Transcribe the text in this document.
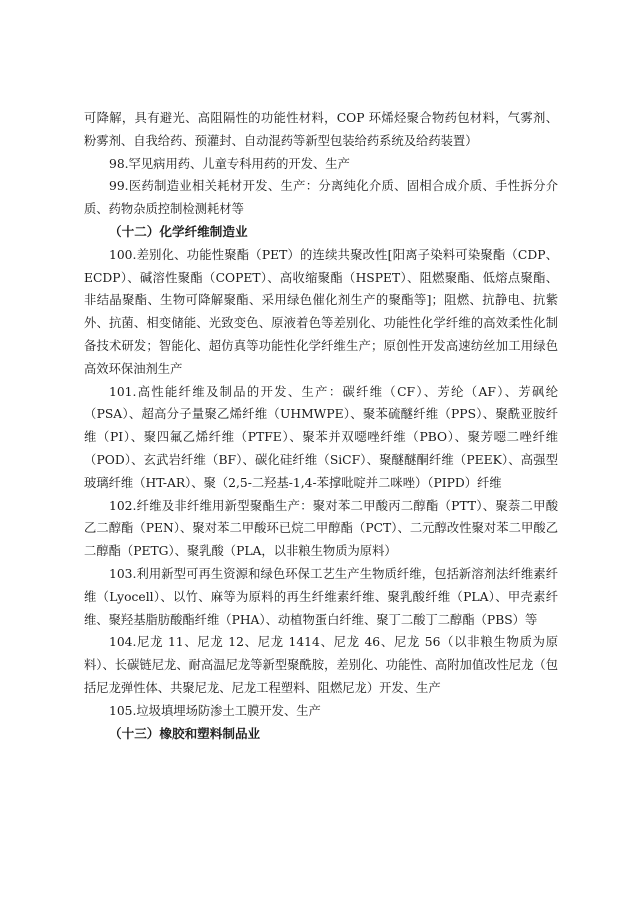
可降解，具有避光、高阻隔性的功能性材料，COP 环烯烃聚合物药包材料，气雾剂、粉雾剂、自我给药、预灌封、自动混药等新型包装给药系统及给药装置）

98.罕见病用药、儿童专科用药的开发、生产

99.医药制造业相关耗材开发、生产：分离纯化介质、固相合成介质、手性拆分介质、药物杂质控制检测耗材等

（十二）化学纤维制造业

100.差别化、功能性聚酯（PET）的连续共聚改性[阳离子染料可染聚酯（CDP、ECDP）、碱溶性聚酯（COPET）、高收缩聚酯（HSPET）、阻燃聚酯、低熔点聚酯、非结晶聚酯、生物可降解聚酯、采用绿色催化剂生产的聚酯等]；阻燃、抗静电、抗紫外、抗菌、相变储能、光致变色、原液着色等差别化、功能性化学纤维的高效柔性化制备技术研发；智能化、超仿真等功能性化学纤维生产；原创性开发高速纺丝加工用绿色高效环保油剂生产

101.高性能纤维及制品的开发、生产：碳纤维（CF）、芳纶（AF）、芳砜纶（PSA）、超高分子量聚乙烯纤维（UHMWPE）、聚苯硫醚纤维（PPS）、聚酰亚胺纤维（PI）、聚四氟乙烯纤维（PTFE）、聚苯并双噁唑纤维（PBO）、聚芳噁二唑纤维（POD）、玄武岩纤维（BF）、碳化硅纤维（SiCF）、聚醚醚酮纤维（PEEK）、高强型玻璃纤维（HT-AR）、聚（2,5-二羟基-1,4-苯撑吡啶并二咪唑）（PIPD）纤维

102.纤维及非纤维用新型聚酯生产：聚对苯二甲酸丙二醇酯（PTT）、聚萘二甲酸乙二醇酯（PEN）、聚对苯二甲酸环已烷二甲醇酯（PCT）、二元醇改性聚对苯二甲酸乙二醇酯（PETG）、聚乳酸（PLA，以非粮生物质为原料）

103.利用新型可再生资源和绿色环保工艺生产生物质纤维，包括新溶剂法纤维素纤维（Lyocell）、以竹、麻等为原料的再生纤维素纤维、聚乳酸纤维（PLA）、甲壳素纤维、聚羟基脂肪酸酯纤维（PHA）、动植物蛋白纤维、聚丁二酸丁二醇酯（PBS）等

104.尼龙 11、尼龙 12、尼龙 1414、尼龙 46、尼龙 56（以非粮生物质为原料）、长碳链尼龙、耐高温尼龙等新型聚酰胺，差别化、功能性、高附加值改性尼龙（包括尼龙弹性体、共聚尼龙、尼龙工程塑料、阻燃尼龙）开发、生产

105.垃圾填埋场防渗土工膜开发、生产

（十三）橡胶和塑料制品业
